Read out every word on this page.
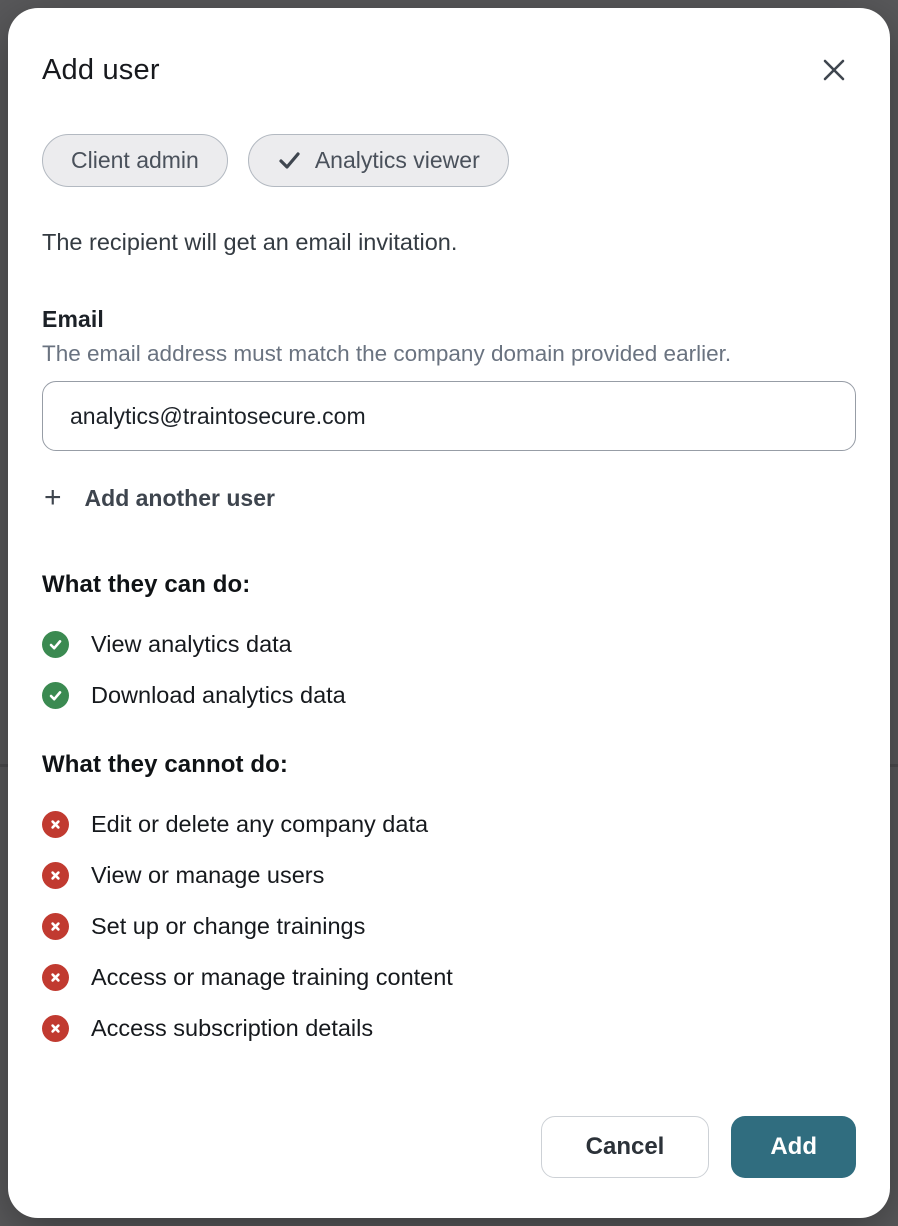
Add user
Client admin	Analytics viewer
The recipient will get an email invitation.
Email
The email address must match the company domain provided earlier.
analytics@traintosecure.com
+ Add another user
What they can do:
View analytics data
Download analytics data
What they cannot do:
Edit or delete any company data
View or manage users
Set up or change trainings
Access or manage training content
Access subscription details
Cancel	Add
